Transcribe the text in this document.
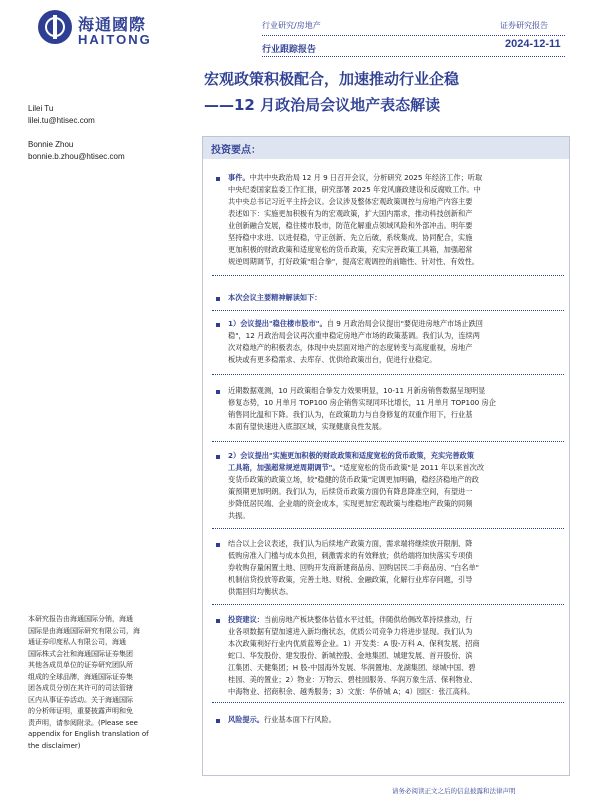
海通國際
HAITONG
行业研究/房地产
行业跟踪报告
证券研究报告
2024-12-11
宏观政策积极配合，加速推动行业企稳
——12 月政治局会议地产表态解读
Lilei Tu
lilei.tu@htisec.com
Bonnie Zhou
bonnie.b.zhou@htisec.com
投资要点：
事件。中共中央政治局 12 月 9 日召开会议，分析研究 2025 年经济工作；听取
中央纪委国家监委工作汇报，研究部署 2025 年党风廉政建设和反腐败工作。中
共中央总书记习近平主持会议。会议涉及整体宏观政策调控与房地产内容主要
表述如下：实施更加积极有为的宏观政策，扩大国内需求，推动科技创新和产
业创新融合发展，稳住楼市股市，防范化解重点领域风险和外部冲击。明年要
坚持稳中求进、以进促稳，守正创新、先立后破，系统集成、协同配合，实施
更加积极的财政政策和适度宽松的货币政策，充实完善政策工具箱，加强超常
规逆周期调节，打好政策"组合拳"，提高宏观调控的前瞻性、针对性、有效性。
本次会议主要精神解读如下：
1）会议提出"稳住楼市股市"。自 9 月政治局会议提出"要促进房地产市场止跌回
稳"，12 月政治局会议再次重申稳定房地产市场的政策基调。我们认为，连续两
次对稳地产的积极表态，体现中央层面对地产的态度转变与高度重视，房地产
板块或有更多稳需求、去库存、优供给政策出台，促进行业稳定。
近期数据观测，10 月政策组合拳发力效果明显，10-11 月新房销售数据呈现明显
修复态势，10 月单月 TOP100 房企销售实现同环比增长，11 月单月 TOP100 房企
销售同比温和下降。我们认为，在政策助力与自身修复的双重作用下，行业基
本面有望快速进入底部区域，实现健康良性发展。
2）会议提出"实施更加积极的财政政策和适度宽松的货币政策，充实完善政策
工具箱，加强超常规逆周期调节"。"适度宽松的货币政策"是 2011 年以来首次改
变货币政策的政策立场，较"稳健的货币政策"定调更加明确，稳经济稳地产的政
策预期更加明朗。我们认为，后续货币政策方面仍有降息降准空间，有望进一
步降低居民端、企业端的资金成本，实现更加宏观政策与维稳地产政策的同频
共振。
结合以上会议表述，我们认为后续地产政策方面，需求端将继续放开限制、降
低购房准入门槛与成本负担，刺激需求的有效释放；供给端将加快落实专项债
券收购存量闲置土地、回购开发商新建商品房、回购居民二手商品房、"白名单"
机制信贷投放等政策，完善土地、财税、金融政策，化解行业库存问题，引导
供需回归均衡状态。
投资建议：当前房地产板块整体估值水平过低，伴随供给侧改革持续推动，行
业各项数据有望加速进入新均衡状态，优质公司竞争力将进步显现。我们认为
本次政策利好行业内优质蓝筹企业。1）开发类：A 股-万科 A、保利发展、招商
蛇口、华发股份、建发股份、新城控股、金地集团、城建发展、首开股份、滨
江集团、天健集团；H 股-中国海外发展、华润置地、龙湖集团、绿城中国、碧
桂园、美的置业；2）物业：万物云、碧桂园服务、华润万象生活、保利物业、
中海物业、招商积余、越秀服务；3）文旅：华侨城 A；4）园区：张江高科。
风险提示。行业基本面下行风险。
本研究报告由海通国际分销，海通
国际是由海通国际研究有限公司，海
通证券印度私人有限公司，海通
国际株式会社和海通国际证券集团
其他各成员单位的证券研究团队所
组成的全球品牌，海通国际证券集
团各成员分别在其许可的司法管辖
区内从事证券活动。关于海通国际
的分析师证明，重要披露声明和免
责声明，请参阅附录。(Please see
appendix for English translation of
the disclaimer)
请务必阅读正文之后的信息披露和法律声明
